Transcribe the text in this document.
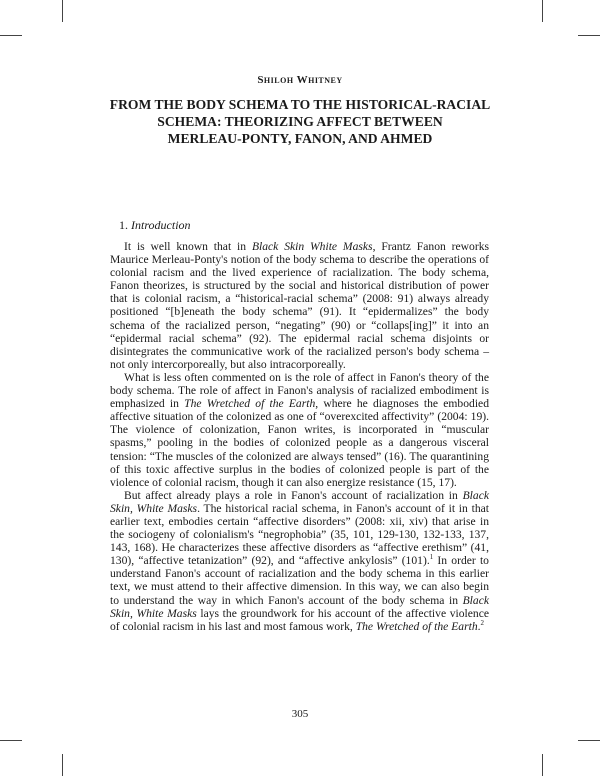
Shiloh Whitney
FROM THE BODY SCHEMA TO THE HISTORICAL-RACIAL
SCHEMA: THEORIZING AFFECT BETWEEN
MERLEAU-PONTY, FANON, AND AHMED
1. Introduction

It is well known that in Black Skin White Masks, Frantz Fanon reworks Maurice Merleau-Ponty's notion of the body schema to describe the operations of colonial racism and the lived experience of racialization. The body schema, Fanon theorizes, is structured by the social and historical distribution of power that is colonial racism, a “historical-racial schema” (2008: 91) always already positioned “[b]eneath the body schema” (91). It “epidermalizes” the body schema of the racialized person, “negating” (90) or “collaps[ing]” it into an “epidermal racial schema” (92). The epidermal racial schema disjoints or disintegrates the communicative work of the racialized person's body schema – not only intercorporeally, but also intracorporeally.

What is less often commented on is the role of affect in Fanon's theory of the body schema. The role of affect in Fanon's analysis of racialized embodiment is emphasized in The Wretched of the Earth, where he diagnoses the embodied affective situation of the colonized as one of “overexcited affectivity” (2004: 19). The violence of colonization, Fanon writes, is incorporated in “muscular spasms,” pooling in the bodies of colonized people as a dangerous visceral tension: “The muscles of the colonized are always tensed” (16). The quarantining of this toxic affective surplus in the bodies of colonized people is part of the violence of colonial racism, though it can also energize resistance (15, 17).

But affect already plays a role in Fanon's account of racialization in Black Skin, White Masks. The historical racial schema, in Fanon's account of it in that earlier text, embodies certain “affective disorders” (2008: xii, xiv) that arise in the sociogeny of colonialism's “negrophobia” (35, 101, 129-130, 132-133, 137, 143, 168). He characterizes these affective disorders as “affective erethism” (41, 130), “affective tetanization” (92), and “affective ankylosis” (101).$^1$ In order to understand Fanon's account of racialization and the body schema in this earlier text, we must attend to their affective dimension. In this way, we can also begin to understand the way in which Fanon's account of the body schema in Black Skin, White Masks lays the groundwork for his account of the affective violence of colonial racism in his last and most famous work, The Wretched of the Earth.$^2$

305
